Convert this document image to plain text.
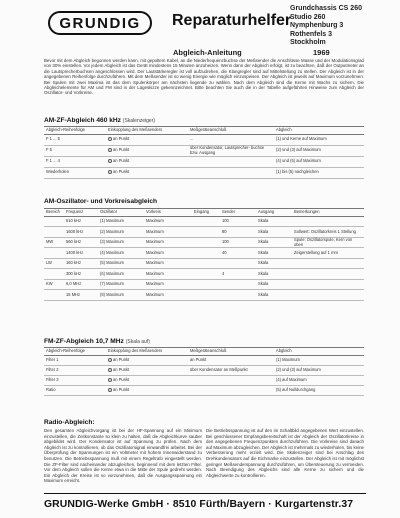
GRUNDIG Reparaturhelfer
Grundchassis CS 260
Studio 260
Nymphenburg 3
Rothenfels 3
Stockholm
Abgleich-Anleitung	1969

Bevor mit dem Abgleich begonnen werden kann, mit gepoltem Kabel, an die Niederfrequenzbuchse der Meßsender die Anschlüsse Masse und der Modulationsgrad von 30% einstellen. Vor jedem Abgleich ist das Gerät mindestens 15 Minuten anzuheizen. Wenn dann der Abgleich erfolgt, ist zu beachten, daß der Outputmeter an die Lautsprecherbuchsen angeschlossen wird. Der Lautstärkeregler ist voll aufzudrehen, die Klangregler sind auf Mittelstellung zu stellen. Der Abgleich ist in der angegebenen Reihenfolge durchzuführen. Mit dem Meßsender ist so wenig Energie wie möglich einzuspeisen. Der Abgleich ist jeweils auf Maximum vorzunehmen. Bei Spulen mit zwei Maxima ist das dem Spulenkörper am nächsten liegende zu wählen. Nach dem Abgleich sind die Kerne mit Wachs zu sichern. Die Abgleichelemente für AM und FM sind in der Lageskizze gekennzeichnet. Bitte beachten Sie auch die in der Tabelle aufgeführten Hinweise zum Abgleich der Oszillator- und Vorkreise.

AM-ZF-Abgleich 460 kHz (Skalenzeiger)
Abgleich-Reihenfolge	Einkopplung des Meßsenders	Meßgeräteanschluß	Abgleich
F 1 ... 5	an Punkt	...	(1) und Kerne auf Maximum
F 5	an Punkt	über Kondensator, Lautsprecher- buchse bzw. Ausgang	(2) und (3) auf Maximum
F 1 ... 4	an Punkt		(4) und (5) auf Maximum
Wiederholen	an Punkt		(1) bis (5) nachgleichen
AM-Oszillator- und Vorkreisabgleich
Bereich	Frequenz	Oszillator	Vorkreis	Eingang	Sender	Ausgang	Bemerkungen
	510 kHz	(1) Maximum	Maximum		100	Skala	
	1600 kHz	(2) Maximum	Maximum		80	Skala	Sollwert: Oszillatorkreis 1 Stellung
MW	560 kHz	(3) Maximum	Maximum		100	Skala	Spule: Oszillatorspule, Kern von oben
	1400 kHz	(4) Maximum	Maximum		40	Skala	Zeigerstellung auf 1 mm
LW	160 kHz	(5) Maximum	Maximum			Skala	
	300 kHz	(6) Maximum	Maximum		4	Skala	
KW	6,0 MHz	(7) Maximum	Maximum			Skala	
	15 MHz	(8) Maximum	Maximum			Skala	
FM-ZF-Abgleich 10,7 MHz (Skala auf)
Abgleich-Reihenfolge	Einkopplung des Meßsenders	Meßgeräteanschluß	Abgleich
Filter 1	an Punkt	an Punkt	(1) Maximum
Filter 2	an Punkt	über Kondensator an Meßpunkt	(2) und (3) auf Maximum
Filter 3	an Punkt		(4) auf Maximum
Ratio	an Punkt		(5) auf Nulldurchgang
Radio-Abgleich:

Den gesamten Abgleichvorgang ist bei der HF-Spannung auf ein Minimum einzustellen, die Zeitkonstante so klein zu halten, daß die Abgleichkurve sauber abgebildet wird. Der Kondensator ist auf Spannung zu prüfen. Nach dem Abgleich ist zu kontrollieren, ob das Oszillatorsignal einwandfrei arbeitet. Bei der Überprüfung der Spannungen ist ein Voltmeter mit hohem Innenwiderstand zu benutzen. Die Betriebsspannung muß mit einem Regeltrafo eingestellt werden. Die ZF-Filter sind nacheinander abzugleichen, beginnend mit dem letzten Filter. Vor dem Abgleich sollen die Kerne etwa in die Mitte der Spule gedreht werden. Ein Abgleich der Kreise ist so vorzunehmen, daß die Ausgangsspannung ein Maximum erreicht.

Die Betriebsspannung ist auf den im Schaltbild angegebenen Wert einzustellen. Bei geschlossener Empfangsbereitschaft ist der Abgleich der Oszillatorkreise in den angegebenen Frequenzpunkten durchzuführen. Die Vorkreise sind danach auf Maximum abzugleichen. Der Abgleich ist mehrmals zu wiederholen, bis keine Verbesserung mehr erzielt wird. Die Skalenzeiger sind bei Anschlag des Drehkondensators auf die Eichmarke einzustellen. Der Abgleich ist mit möglichst geringer Meßsenderspannung durchzuführen, um Übersteuerung zu vermeiden. Nach Beendigung des Abgleichs sind alle Kerne zu sichern und die Abgleichwerte zu kontrollieren.

GRUNDIG-Werke GmbH · 8510 Fürth/Bayern · Kurgartenstr.37
